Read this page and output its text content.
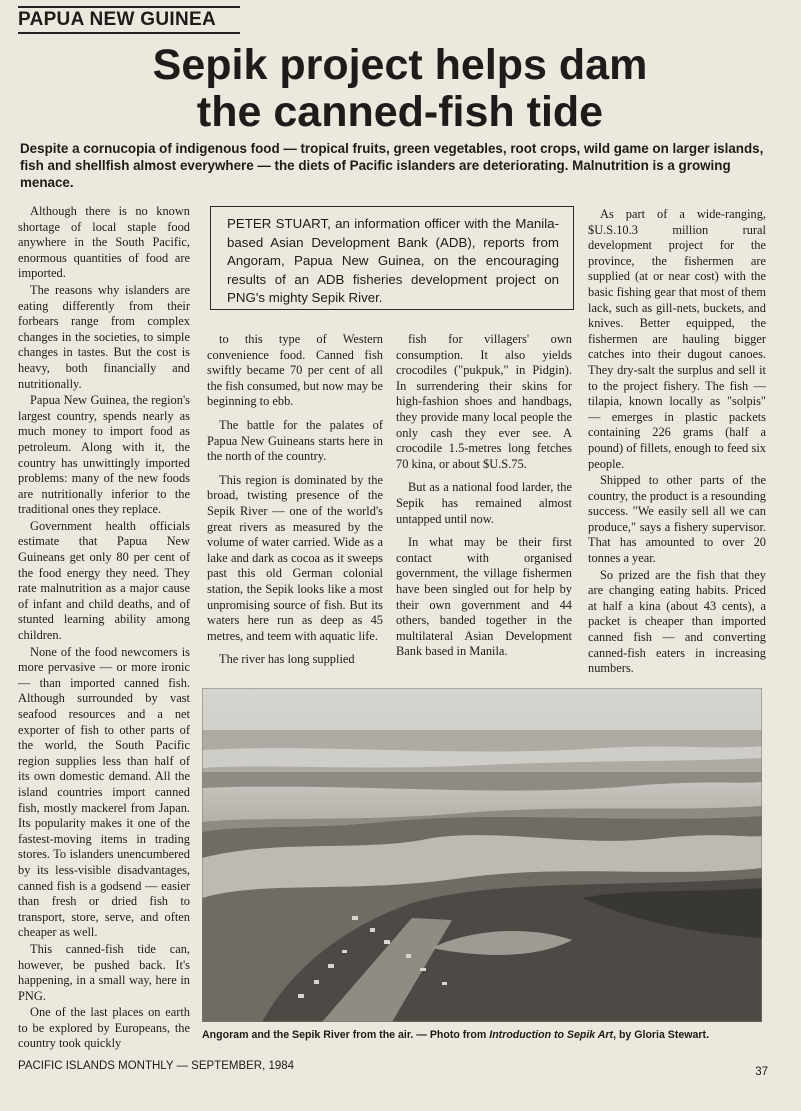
PAPUA NEW GUINEA
Sepik project helps dam
the canned-fish tide

Despite a cornucopia of indigenous food — tropical fruits, green vegetables, root crops, wild game on larger islands, fish and shellfish almost everywhere — the diets of Pacific islanders are deteriorating. Malnutrition is a growing menace.

Although there is no known shortage of local staple food anywhere in the South Pacific, enormous quantities of food are imported.

The reasons why islanders are eating differently from their forbears range from complex changes in the societies, to simple changes in tastes. But the cost is heavy, both financially and nutritionally.

Papua New Guinea, the region's largest country, spends nearly as much money to import food as petroleum. Along with it, the country has unwittingly imported problems: many of the new foods are nutritionally inferior to the traditional ones they replace.

Government health officials estimate that Papua New Guineans get only 80 per cent of the food energy they need. They rate malnutrition as a major cause of infant and child deaths, and of stunted learning ability among children.

None of the food newcomers is more pervasive — or more ironic — than imported canned fish. Although surrounded by vast seafood resources and a net exporter of fish to other parts of the world, the South Pacific region supplies less than half of its own domestic demand. All the island countries import canned fish, mostly mackerel from Japan. Its popularity makes it one of the fastest-moving items in trading stores. To islanders unencumbered by its less-visible disadvantages, canned fish is a godsend — easier than fresh or dried fish to transport, store, serve, and often cheaper as well.

This canned-fish tide can, however, be pushed back. It's happening, in a small way, here in PNG.

One of the last places on earth to be explored by Europeans, the country took quickly

PETER STUART, an information officer with the Manila-based Asian Development Bank (ADB), reports from Angoram, Papua New Guinea, on the encouraging results of an ADB fisheries development project on PNG's mighty Sepik River.

to this type of Western convenience food. Canned fish swiftly became 70 per cent of all the fish consumed, but now may be beginning to ebb.

The battle for the palates of Papua New Guineans starts here in the north of the country.

This region is dominated by the broad, twisting presence of the Sepik River — one of the world's great rivers as measured by the volume of water carried. Wide as a lake and dark as cocoa as it sweeps past this old German colonial station, the Sepik looks like a most unpromising source of fish. But its waters here run as deep as 45 metres, and teem with aquatic life.

The river has long supplied

fish for villagers' own consumption. It also yields crocodiles ("pukpuk," in Pidgin). In surrendering their skins for high-fashion shoes and handbags, they provide many local people the only cash they ever see. A crocodile 1.5-metres long fetches 70 kina, or about $U.S.75.

But as a national food larder, the Sepik has remained almost untapped until now.

In what may be their first contact with organised government, the village fishermen have been singled out for help by their own government and 44 others, banded together in the multilateral Asian Development Bank based in Manila.

As part of a wide-ranging, $U.S.10.3 million rural development project for the province, the fishermen are supplied (at or near cost) with the basic fishing gear that most of them lack, such as gill-nets, buckets, and knives. Better equipped, the fishermen are hauling bigger catches into their dugout canoes. They dry-salt the surplus and sell it to the project fishery. The fish — tilapia, known locally as "solpis" — emerges in plastic packets containing 226 grams (half a pound) of fillets, enough to feed six people.

Shipped to other parts of the country, the product is a resounding success. "We easily sell all we can produce," says a fishery supervisor. That has amounted to over 20 tonnes a year.

So prized are the fish that they are changing eating habits. Priced at half a kina (about 43 cents), a packet is cheaper than imported canned fish — and converting canned-fish eaters in increasing numbers.

Angoram and the Sepik River from the air. — Photo from Introduction to Sepik Art, by Gloria Stewart.
PACIFIC ISLANDS MONTHLY — SEPTEMBER, 1984	37
